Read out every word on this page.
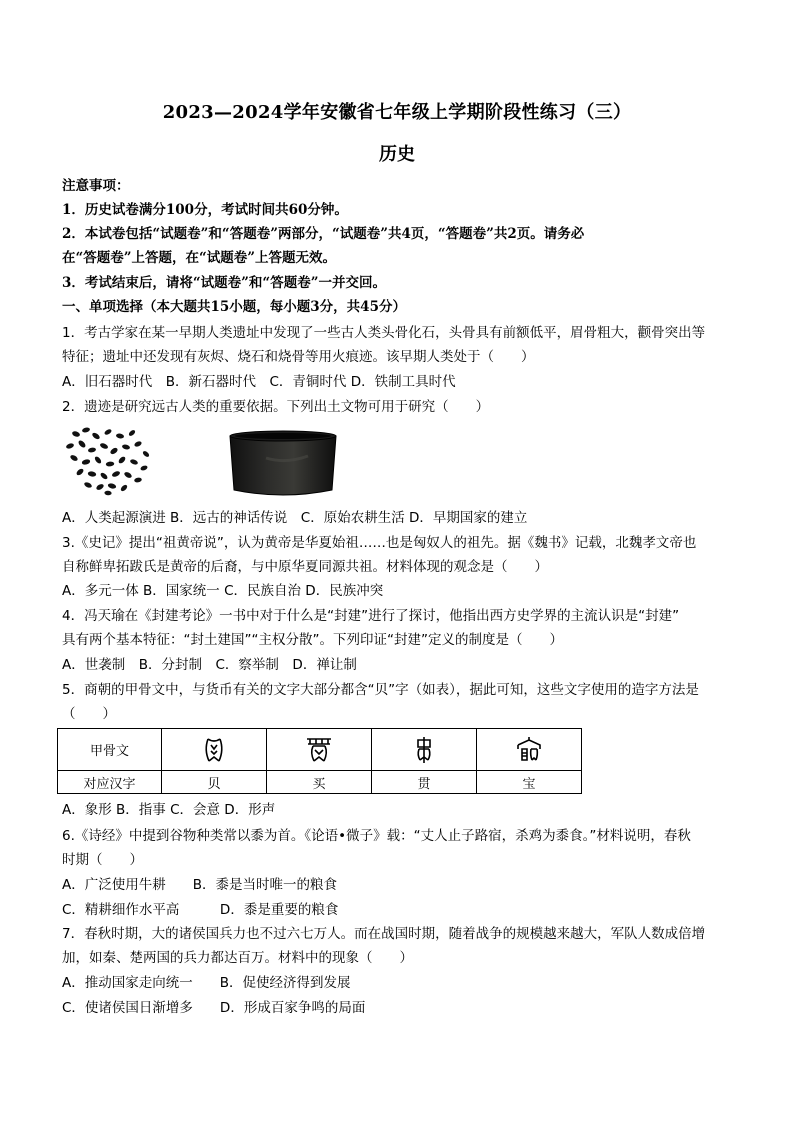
2023—2024学年安徽省七年级上学期阶段性练习（三）
历史
注意事项：
1．历史试卷满分100分，考试时间共60分钟。
2．本试卷包括“试题卷”和“答题卷”两部分，“试题卷”共4页，“答题卷”共2页。请务必
在“答题卷”上答题，在“试题卷”上答题无效。
3．考试结束后，请将“试题卷”和“答题卷”一并交回。
一、单项选择（本大题共15小题，每小题3分，共45分）
1．考古学家在某一早期人类遗址中发现了一些古人类头骨化石，头骨具有前额低平，眉骨粗大，颧骨突出等
特征；遗址中还发现有灰烬、烧石和烧骨等用火痕迹。该早期人类处于（　　）
A．旧石器时代　B．新石器时代　C．青铜时代 D．铁制工具时代
2．遗迹是研究远古人类的重要依据。下列出土文物可用于研究（　　）
A．人类起源演进 B．远古的神话传说　C．原始农耕生活 D．早期国家的建立
3.《史记》提出“祖黄帝说”，认为黄帝是华夏始祖……也是匈奴人的祖先。据《魏书》记载，北魏孝文帝也
自称鲜卑拓跋氏是黄帝的后裔，与中原华夏同源共祖。材料体现的观念是（　　）
A．多元一体 B．国家统一 C．民族自治 D．民族冲突
4．冯天瑜在《封建考论》一书中对于什么是“封建”进行了探讨，他指出西方史学界的主流认识是“封建”
具有两个基本特征：“封土建国”“主权分散”。下列印证“封建”定义的制度是（　　）
A．世袭制　B．分封制　C．察举制　D．禅让制
5．商朝的甲骨文中，与货币有关的文字大部分都含“贝”字（如表），据此可知，这些文字使用的造字方法是
（　　）
甲骨文				
对应汉字	贝	买	贯	宝
A．象形 B．指事 C．会意 D．形声
6.《诗经》中提到谷物种类常以黍为首。《论语•微子》载：“丈人止子路宿，杀鸡为黍食。”材料说明，春秋
时期（　　）
A．广泛使用牛耕　　B．黍是当时唯一的粮食
C．精耕细作水平高　　　D．黍是重要的粮食
7．春秋时期，大的诸侯国兵力也不过六七万人。而在战国时期，随着战争的规模越来越大，军队人数成倍增
加，如秦、楚两国的兵力都达百万。材料中的现象（　　）
A．推动国家走向统一　　B．促使经济得到发展
C．使诸侯国日渐增多　　D．形成百家争鸣的局面
